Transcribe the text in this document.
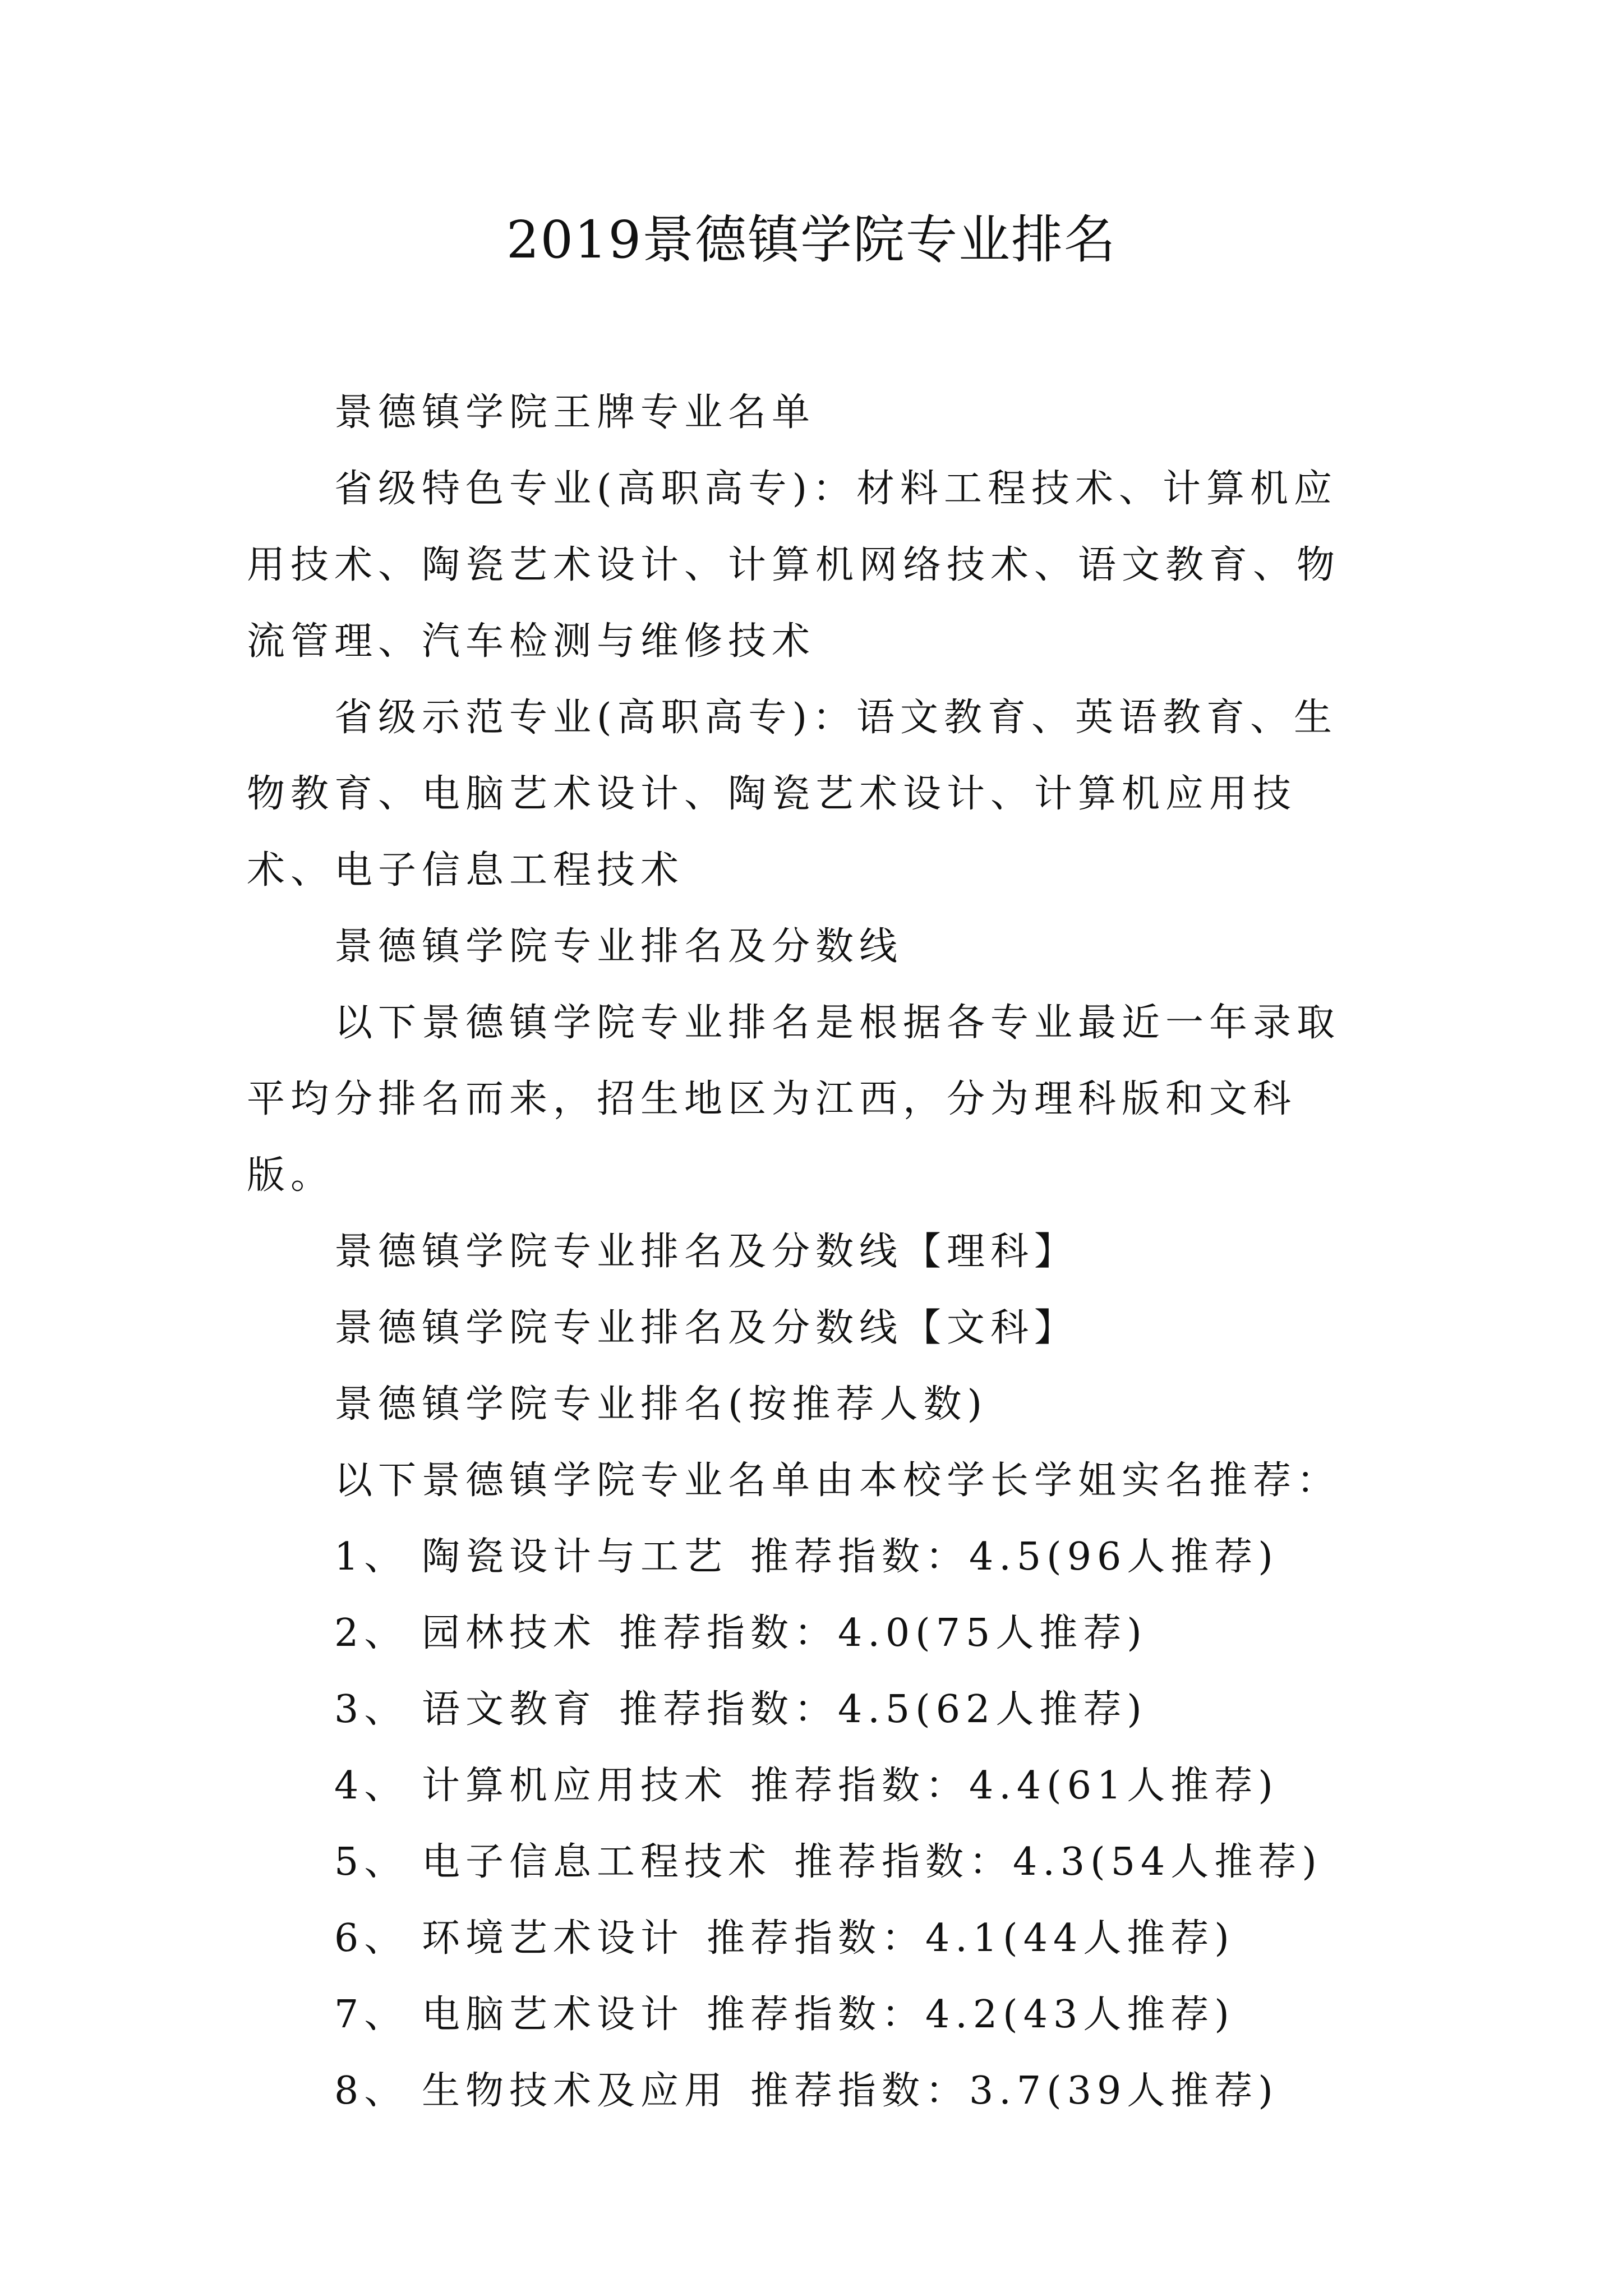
2019景德镇学院专业排名

景德镇学院王牌专业名单

省级特色专业(高职高专)：材料工程技术、计算机应用技术、陶瓷艺术设计、计算机网络技术、语文教育、物流管理、汽车检测与维修技术

省级示范专业(高职高专)：语文教育、英语教育、生物教育、电脑艺术设计、陶瓷艺术设计、计算机应用技术、电子信息工程技术

景德镇学院专业排名及分数线

以下景德镇学院专业排名是根据各专业最近一年录取平均分排名而来，招生地区为江西，分为理科版和文科版。

景德镇学院专业排名及分数线【理科】

景德镇学院专业排名及分数线【文科】

景德镇学院专业排名(按推荐人数)

以下景德镇学院专业名单由本校学长学姐实名推荐：

1、 陶瓷设计与工艺 推荐指数：4.5(96人推荐)

2、 园林技术 推荐指数：4.0(75人推荐)

3、 语文教育 推荐指数：4.5(62人推荐)

4、 计算机应用技术 推荐指数：4.4(61人推荐)

5、 电子信息工程技术 推荐指数：4.3(54人推荐)

6、 环境艺术设计 推荐指数：4.1(44人推荐)

7、 电脑艺术设计 推荐指数：4.2(43人推荐)

8、 生物技术及应用 推荐指数：3.7(39人推荐)
